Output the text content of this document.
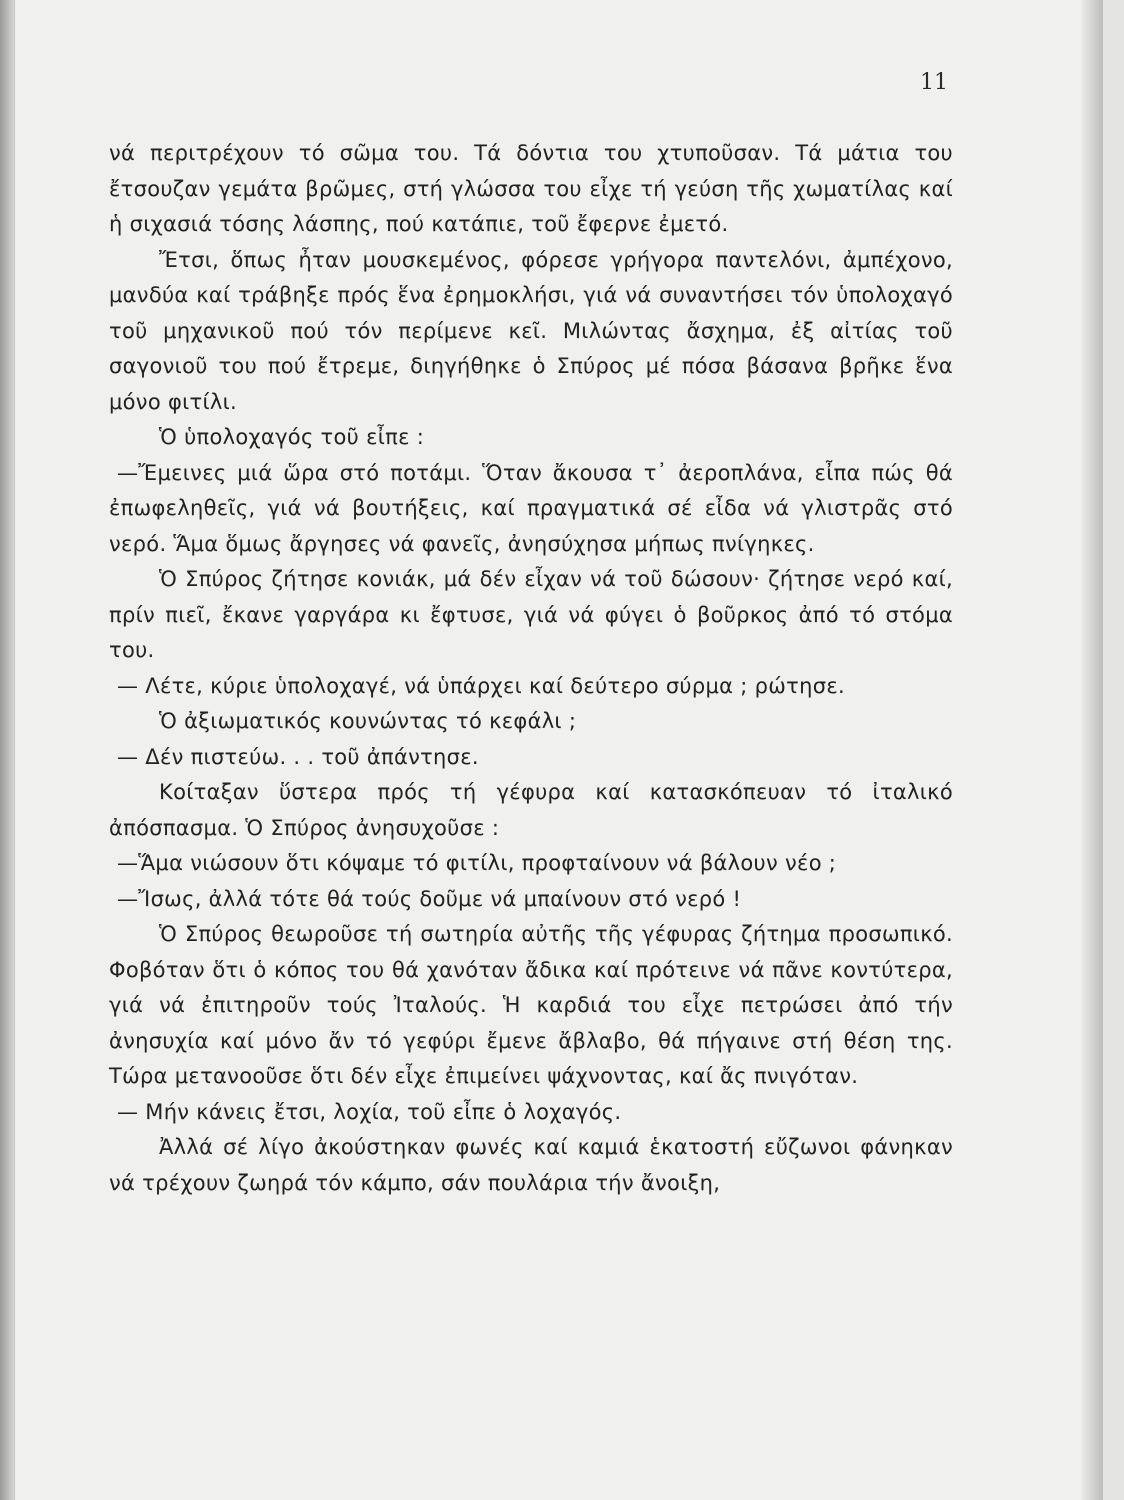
11

νά περιτρέχουν τό σῶμα του. Τά δόντια του χτυποῦσαν. Τά μάτια του ἔτσουζαν γεμάτα βρῶμες, στή γλώσσα του εἶχε τή γεύση τῆς χωματίλας καί ἡ σιχασιά τόσης λάσπης, πού κατάπιε, τοῦ ἔφερνε ἐμετό.

Ἔτσι, ὅπως ἦταν μουσκεμένος, φόρεσε γρήγορα παντελόνι, ἀμπέχονο, μανδύα καί τράβηξε πρός ἕνα ἐρημοκλήσι, γιά νά συναντήσει τόν ὑπολοχαγό τοῦ μηχανικοῦ πού τόν περίμενε κεῖ. Μιλώντας ἄσχημα, ἐξ αἰτίας τοῦ σαγονιοῦ του πού ἔτρεμε, διηγήθηκε ὁ Σπύρος μέ πόσα βάσανα βρῆκε ἕνα μόνο φιτίλι.

Ὁ ὑπολοχαγός τοῦ εἶπε :

—Ἔμεινες μιά ὥρα στό ποτάμι. Ὅταν ἄκουσα τ᾿ ἀεροπλάνα, εἶπα πώς θά ἐπωφεληθεῖς, γιά νά βουτήξεις, καί πραγματικά σέ εἶδα νά γλιστρᾶς στό νερό. Ἅμα ὅμως ἄργησες νά φανεῖς, ἀνησύχησα μήπως πνίγηκες.

Ὁ Σπύρος ζήτησε κονιάκ, μά δέν εἶχαν νά τοῦ δώσουν· ζήτησε νερό καί, πρίν πιεῖ, ἔκανε γαργάρα κι ἔφτυσε, γιά νά φύγει ὁ βοῦρκος ἀπό τό στόμα του.

— Λέτε, κύριε ὑπολοχαγέ, νά ὑπάρχει καί δεύτερο σύρμα ; ρώτησε.

Ὁ ἀξιωματικός κουνώντας τό κεφάλι ;

— Δέν πιστεύω. . . τοῦ ἀπάντησε.

Κοίταξαν ὕστερα πρός τή γέφυρα καί κατασκόπευαν τό ἰταλικό ἀπόσπασμα. Ὁ Σπύρος ἀνησυχοῦσε :

—Ἅμα νιώσουν ὅτι κόψαμε τό φιτίλι, προφταίνουν νά βάλουν νέο ;

—Ἴσως, ἀλλά τότε θά τούς δοῦμε νά μπαίνουν στό νερό !

Ὁ Σπύρος θεωροῦσε τή σωτηρία αὐτῆς τῆς γέφυρας ζήτημα προσωπικό. Φοβόταν ὅτι ὁ κόπος του θά χανόταν ἄδικα καί πρότεινε νά πᾶνε κοντύτερα, γιά νά ἐπιτηροῦν τούς Ἰταλούς. Ἡ καρδιά του εἶχε πετρώσει ἀπό τήν ἀνησυχία καί μόνο ἄν τό γεφύρι ἔμενε ἄβλαβο, θά πήγαινε στή θέση της. Τώρα μετανοοῦσε ὅτι δέν εἶχε ἐπιμείνει ψάχνοντας, καί ἄς πνιγόταν.

— Μήν κάνεις ἔτσι, λοχία, τοῦ εἶπε ὁ λοχαγός.

Ἀλλά σέ λίγο ἀκούστηκαν φωνές καί καμιά ἑκατοστή εὔζωνοι φάνηκαν νά τρέχουν ζωηρά τόν κάμπο, σάν πουλάρια τήν ἄνοιξη,
